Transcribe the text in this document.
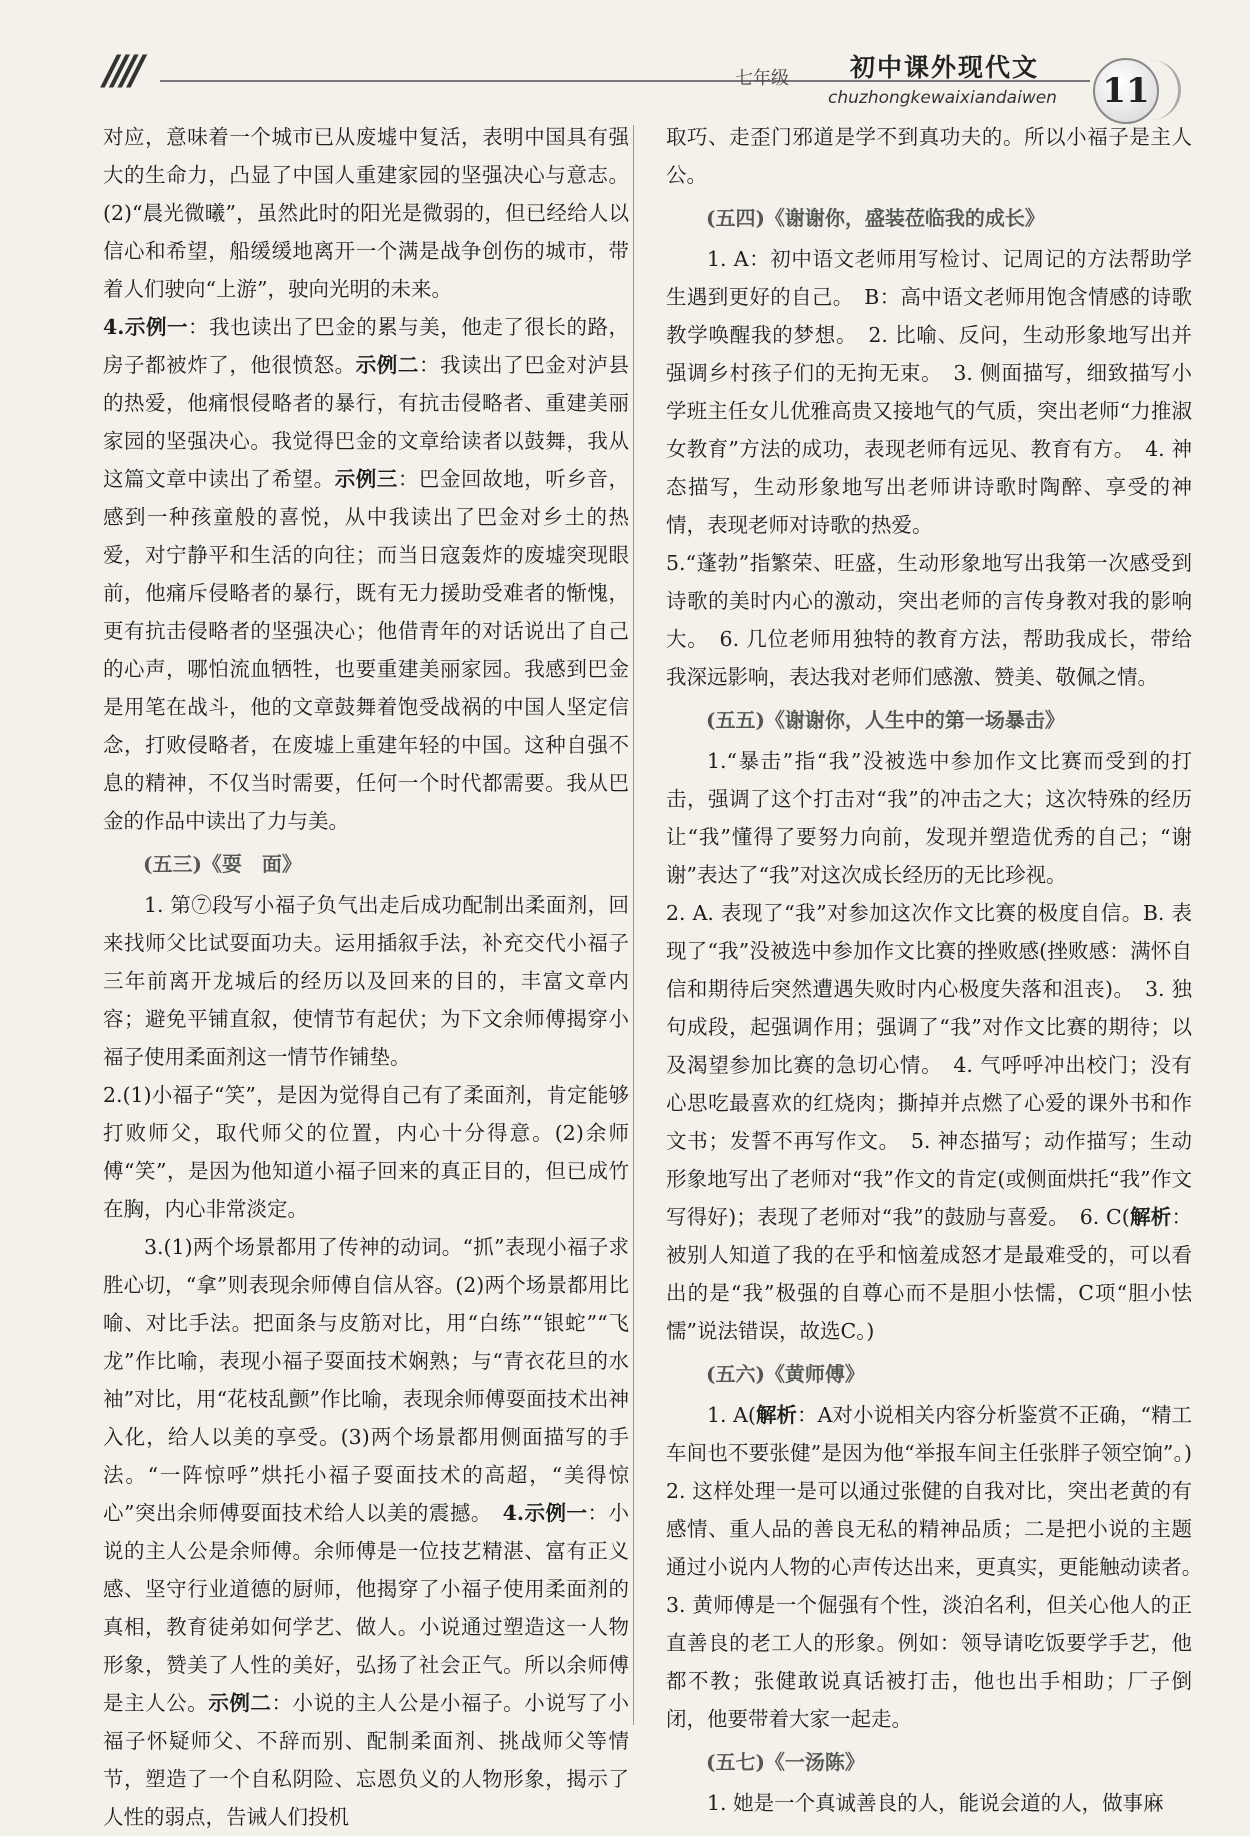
////	七年级 初中课外现代文
chuzhongkewaixiandaiwen 11

对应，意味着一个城市已从废墟中复活，表明中国具有强大的生命力，凸显了中国人重建家园的坚强决心与意志。(2)“晨光微曦”，虽然此时的阳光是微弱的，但已经给人以信心和希望，船缓缓地离开一个满是战争创伤的城市，带着人们驶向“上游”，驶向光明的未来。

4.示例一：我也读出了巴金的累与美，他走了很长的路，房子都被炸了，他很愤怒。示例二：我读出了巴金对泸县的热爱，他痛恨侵略者的暴行，有抗击侵略者、重建美丽家园的坚强决心。我觉得巴金的文章给读者以鼓舞，我从这篇文章中读出了希望。示例三：巴金回故地，听乡音，感到一种孩童般的喜悦，从中我读出了巴金对乡土的热爱，对宁静平和生活的向往；而当日寇轰炸的废墟突现眼前，他痛斥侵略者的暴行，既有无力援助受难者的惭愧，更有抗击侵略者的坚强决心；他借青年的对话说出了自己的心声，哪怕流血牺牲，也要重建美丽家园。我感到巴金是用笔在战斗，他的文章鼓舞着饱受战祸的中国人坚定信念，打败侵略者，在废墟上重建年轻的中国。这种自强不息的精神，不仅当时需要，任何一个时代都需要。我从巴金的作品中读出了力与美。

(五三)《耍　面》

1. 第⑦段写小福子负气出走后成功配制出柔面剂，回来找师父比试耍面功夫。运用插叙手法，补充交代小福子三年前离开龙城后的经历以及回来的目的，丰富文章内容；避免平铺直叙，使情节有起伏；为下文余师傅揭穿小福子使用柔面剂这一情节作铺垫。

2.(1)小福子“笑”，是因为觉得自己有了柔面剂，肯定能够打败师父，取代师父的位置，内心十分得意。(2)余师傅“笑”，是因为他知道小福子回来的真正目的，但已成竹在胸，内心非常淡定。

3.(1)两个场景都用了传神的动词。“抓”表现小福子求胜心切，“拿”则表现余师傅自信从容。(2)两个场景都用比喻、对比手法。把面条与皮筋对比，用“白练”“银蛇”“飞龙”作比喻，表现小福子耍面技术娴熟；与“青衣花旦的水袖”对比，用“花枝乱颤”作比喻，表现余师傅耍面技术出神入化，给人以美的享受。(3)两个场景都用侧面描写的手法。“一阵惊呼”烘托小福子耍面技术的高超，“美得惊心”突出余师傅耍面技术给人以美的震撼。　 4.示例一：小说的主人公是余师傅。余师傅是一位技艺精湛、富有正义感、坚守行业道德的厨师，他揭穿了小福子使用柔面剂的真相，教育徒弟如何学艺、做人。小说通过塑造这一人物形象，赞美了人性的美好，弘扬了社会正气。所以余师傅是主人公。示例二：小说的主人公是小福子。小说写了小福子怀疑师父、不辞而别、配制柔面剂、挑战师父等情节，塑造了一个自私阴险、忘恩负义的人物形象，揭示了人性的弱点，告诫人们投机

取巧、走歪门邪道是学不到真功夫的。所以小福子是主人公。

(五四)《谢谢你，盛装莅临我的成长》

1. A：初中语文老师用写检讨、记周记的方法帮助学生遇到更好的自己。　B：高中语文老师用饱含情感的诗歌教学唤醒我的梦想。　2. 比喻、反问，生动形象地写出并强调乡村孩子们的无拘无束。　3. 侧面描写，细致描写小学班主任女儿优雅高贵又接地气的气质，突出老师“力推淑女教育”方法的成功，表现老师有远见、教育有方。　4. 神态描写，生动形象地写出老师讲诗歌时陶醉、享受的神情，表现老师对诗歌的热爱。

5.“蓬勃”指繁荣、旺盛，生动形象地写出我第一次感受到诗歌的美时内心的激动，突出老师的言传身教对我的影响大。　6. 几位老师用独特的教育方法，帮助我成长，带给我深远影响，表达我对老师们感激、赞美、敬佩之情。

(五五)《谢谢你，人生中的第一场暴击》

1.“暴击”指“我”没被选中参加作文比赛而受到的打击，强调了这个打击对“我”的冲击之大；这次特殊的经历让“我”懂得了要努力向前，发现并塑造优秀的自己；“谢谢”表达了“我”对这次成长经历的无比珍视。

2. A. 表现了“我”对参加这次作文比赛的极度自信。B. 表现了“我”没被选中参加作文比赛的挫败感(挫败感：满怀自信和期待后突然遭遇失败时内心极度失落和沮丧)。　3. 独句成段，起强调作用；强调了“我”对作文比赛的期待；以及渴望参加比赛的急切心情。　4. 气呼呼冲出校门；没有心思吃最喜欢的红烧肉；撕掉并点燃了心爱的课外书和作文书；发誓不再写作文。　5. 神态描写；动作描写；生动形象地写出了老师对“我”作文的肯定(或侧面烘托“我”作文写得好)；表现了老师对“我”的鼓励与喜爱。　6. C(解析：被别人知道了我的在乎和恼羞成怒才是最难受的，可以看出的是“我”极强的自尊心而不是胆小怯懦，C项“胆小怯懦”说法错误，故选C。)

(五六)《黄师傅》

1. A(解析：A对小说相关内容分析鉴赏不正确，“精工车间也不要张健”是因为他“举报车间主任张胖子领空饷”。)　2. 这样处理一是可以通过张健的自我对比，突出老黄的有感情、重人品的善良无私的精神品质；二是把小说的主题通过小说内人物的心声传达出来，更真实，更能触动读者。　3. 黄师傅是一个倔强有个性，淡泊名利，但关心他人的正直善良的老工人的形象。例如：领导请吃饭要学手艺，他都不教；张健敢说真话被打击，他也出手相助；厂子倒闭，他要带着大家一起走。

(五七)《一汤陈》

1. 她是一个真诚善良的人，能说会道的人，做事麻
